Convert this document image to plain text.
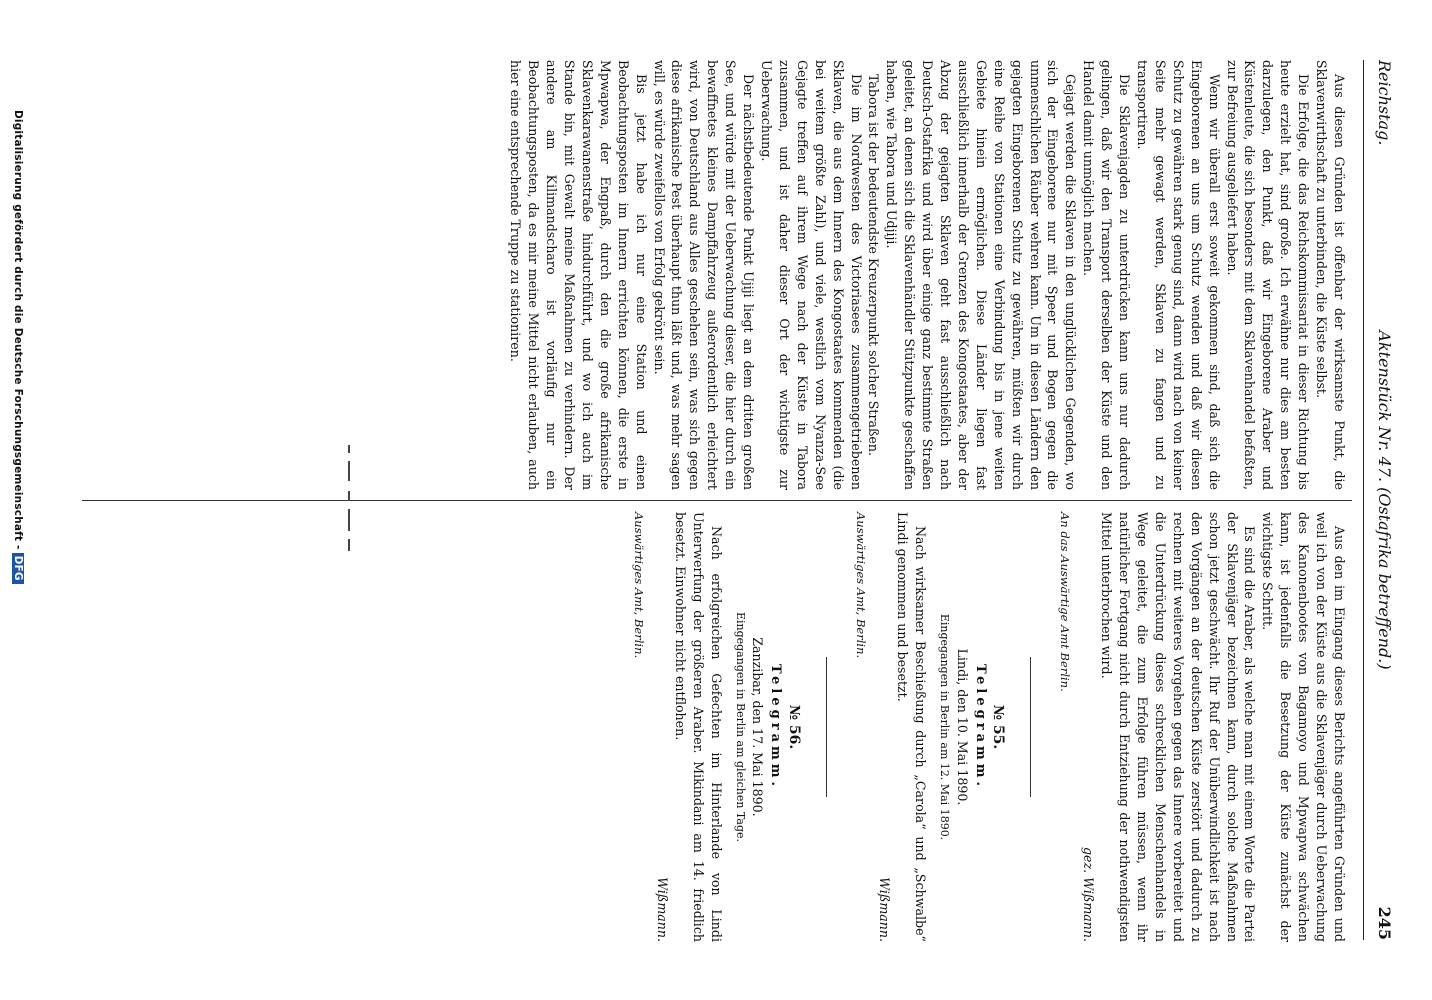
Reichstag.
Aktenstück Nr. 47. (Ostafrika betreffend.)
245

Aus diesen Gründen ist offenbar der wirksamste Punkt, die Sklavenwirthschaft zu unterbinden, die Küste selbst.

Die Erfolge, die das Reichskommissariat in dieser Richtung bis heute erzielt hat, sind große. Ich erwähne nur dies am besten darzulegen, den Punkt, daß wir Eingeborene Araber und Küstenleute, die sich besonders mit dem Sklavenhandel befaßten, zur Befreiung ausgeliefert haben.

Wenn wir überall erst soweit gekommen sind, daß sich die Eingeborenen an uns um Schutz wenden und daß wir diesen Schutz zu gewähren stark genug sind, dann wird nach von keiner Seite mehr gewagt werden, Sklaven zu fangen und zu transportiren.

Die Sklavenjagden zu unterdrücken kann uns nur dadurch gelingen, daß wir den Transport derselben der Küste und den Handel damit unmöglich machen.

Gejagt werden die Sklaven in den unglücklichen Gegenden, wo sich der Eingeborene nur mit Speer und Bogen gegen die unmenschlichen Räuber wehren kann. Um in diesen Ländern den gejagten Eingeborenen Schutz zu gewähren, müßten wir durch eine Reihe von Stationen eine Verbindung bis in jene weiten Gebiete hinein ermöglichen. Diese Länder liegen fast ausschließlich innerhalb der Grenzen des Kongostaates, aber der Abzug der gejagten Sklaven geht fast ausschließlich nach Deutsch-Ostafrika und wird über einige ganz bestimmte Straßen geleitet, an denen sich die Sklavenhändler Stützpunkte geschaffen haben, wie Tabora und Udjiji.

Tabora ist der bedeutendste Kreuzerpunkt solcher Straßen.

Die im Nordwesten des Victoriasees zusammengetriebenen Sklaven, die aus dem Innern des Kongostaates kommenden (die bei weitem größte Zahl), und viele, westlich vom Nyanza-See Gejagte treffen auf ihrem Wege nach der Küste in Tabora zusammen, und ist daher dieser Ort der wichtigste zur Ueberwachung.

Der nächstbedeutende Punkt Ujiji liegt an dem dritten großen See, und würde mit der Ueberwachung dieser, die hier durch ein bewaffnetes kleines Dampffahrzeug außerordentlich erleichtert wird, von Deutschland aus Alles geschehen sein, was sich gegen diese afrikanische Pest überhaupt thun läßt und, was mehr sagen will, es würde zweifellos von Erfolg gekrönt sein.

Bis jetzt habe ich nur eine Station und einen Beobachtungsposten im Innern errichten können, die erste in Mpwapwa, der Engpaß, durch den die große afrikanische Sklavenkarawanenstraße hindurchführt, und wo ich auch im Stande bin, mit Gewalt meine Maßnahmen zu verhindern. Der andere am Kilimandscharo ist vorläufig nur ein Beobachtungsposten, da es mir meine Mittel nicht erlauben, auch hier eine entsprechende Truppe zu stationiren.

Aus den im Eingang dieses Berichts angeführten Gründen und weil ich von der Küste aus die Sklavenjäger durch Ueberwachung des Kanonenbootes von Bagamoyo und Mpwapwa schwächen kann, ist jedenfalls die Besetzung der Küste zunächst der wichtigste Schritt.

Es sind die Araber, als welche man mit einem Worte die Partei der Sklavenjäger bezeichnen kann, durch solche Maßnahmen schon jetzt geschwächt. Ihr Ruf der Unüberwindlichkeit ist nach den Vorgängen an der deutschen Küste zerstört und dadurch zu rechnen mit weiteres Vorgehen gegen das Innere vorbereitet und die Unterdrückung dieses schrecklichen Menschenhandels in Wege geleitet, die zum Erfolge führen müssen, wenn ihr natürlicher Fortgang nicht durch Entziehung der nothwendigsten Mittel unterbrochen wird.

gez. Wißmann.

An das Auswärtige Amt Berlin.

№ 55.

Telegramm.

Lindi, den 10. Mai 1890.

Eingegangen in Berlin am 12. Mai 1890.

Nach wirksamer Beschießung durch „Carola“ und „Schwalbe“ Lindi genommen und besetzt.

Wißmann.

Auswärtiges Amt, Berlin.

№ 56.

Telegramm.

Zanzibar, den 17. Mai 1890.

Eingegangen in Berlin am gleichen Tage.

Nach erfolgreichen Gefechten im Hinterlande von Lindi Unterwerfung der größeren Araber. Mikindani am 14. friedlich besetzt. Einwohner nicht entflohen.

Wißmann.

Auswärtiges Amt, Berlin.

Digitalisierung gefördert durch die Deutsche Forschungsgemeinschaft -DFG
